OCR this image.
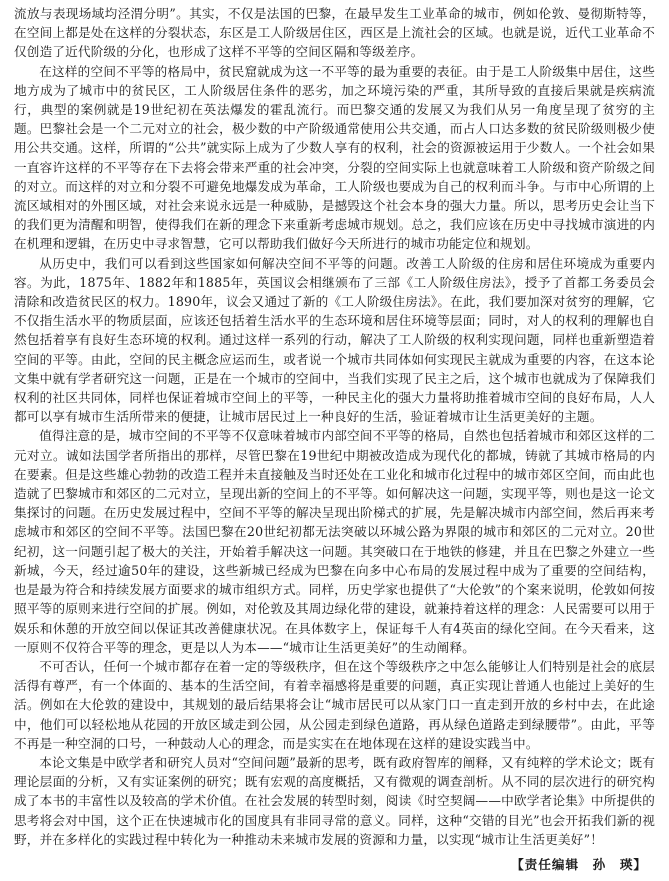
流放与表现场域均泾渭分明”。其实，不仅是法国的巴黎，在最早发生工业革命的城市，例如伦敦、曼彻斯特等，在空间上都是处在这样的分裂状态，东区是工人阶级居住区，西区是上流社会的区域。也就是说，近代工业革命不仅创造了近代阶级的分化，也形成了这样不平等的空间区隔和等级差序。

在这样的空间不平等的格局中，贫民窟就成为这一不平等的最为重要的表征。由于是工人阶级集中居住，这些地方成为了城市中的贫民区，工人阶级居住条件的恶劣，加之环境污染的严重，其所导致的直接后果就是疾病流行，典型的案例就是19世纪初在英法爆发的霍乱流行。而巴黎交通的发展又为我们从另一角度呈现了贫穷的主题。巴黎社会是一个二元对立的社会，极少数的中产阶级通常使用公共交通，而占人口达多数的贫民阶级则极少使用公共交通。这样，所谓的“公共”就实际上成为了少数人享有的权利，社会的资源被运用于少数人。一个社会如果一直容许这样的不平等存在下去将会带来严重的社会冲突，分裂的空间实际上也就意味着工人阶级和资产阶级之间的对立。而这样的对立和分裂不可避免地爆发成为革命，工人阶级也要成为自己的权利而斗争。与市中心所谓的上流区域相对的外围区域，对社会来说永远是一种威胁，是撼毁这个社会本身的强大力量。所以，思考历史会让当下的我们更为清醒和明智，使得我们在新的理念下来重新考虑城市规划。总之，我们应该在历史中寻找城市演进的内在机理和逻辑，在历史中寻求智慧，它可以帮助我们做好今天所进行的城市功能定位和规划。

从历史中，我们可以看到这些国家如何解决空间不平等的问题。改善工人阶级的住房和居住环境成为重要内容。为此，1875年、1882年和1885年，英国议会相继颁布了三部《工人阶级住房法》，授予了首都工务委员会清除和改造贫民区的权力。1890年，议会又通过了新的《工人阶级住房法》。在此，我们要加深对贫穷的理解，它不仅指生活水平的物质层面，应该还包括着生活水平的生态环境和居住环境等层面；同时，对人的权利的理解也自然包括着享有良好生态环境的权利。通过这样一系列的行动，解决了工人阶级的权利实现问题，同样也重新塑造着空间的平等。由此，空间的民主概念应运而生，或者说一个城市共同体如何实现民主就成为重要的内容，在这本论文集中就有学者研究这一问题，正是在一个城市的空间中，当我们实现了民主之后，这个城市也就成为了保障我们权利的社区共同体，同样也保证着城市空间上的平等，一种民主化的强大力量将助推着城市空间的良好布局，人人都可以享有城市生活所带来的便捷，让城市居民过上一种良好的生活，验证着城市让生活更美好的主题。

值得注意的是，城市空间的不平等不仅意味着城市内部空间不平等的格局，自然也包括着城市和郊区这样的二元对立。诚如法国学者所指出的那样，尽管巴黎在19世纪中期被改造成为现代化的都城，铸就了其城市格局的内在要素。但是这些雄心勃勃的改造工程并未直接触及当时还处在工业化和城市化过程中的城市郊区空间，而由此也造就了巴黎城市和郊区的二元对立，呈现出新的空间上的不平等。如何解决这一问题，实现平等，则也是这一论文集探讨的问题。在历史发展过程中，空间不平等的解决呈现出阶梯式的扩展，先是解决城市内部空间，然后再来考虑城市和郊区的空间不平等。法国巴黎在20世纪初都无法突破以环城公路为界限的城市和郊区的二元对立。20世纪初，这一问题引起了极大的关注，开始着手解决这一问题。其突破口在于地铁的修建，并且在巴黎之外建立一些新城，今天，经过逾50年的建设，这些新城已经成为巴黎在向多中心布局的发展过程中成为了重要的空间结构，也是最为符合和持续发展方面要求的城市组织方式。同样，历史学家也提供了“大伦敦”的个案来说明，伦敦如何按照平等的原则来进行空间的扩展。例如，对伦敦及其周边绿化带的建设，就兼持着这样的理念：人民需要可以用于娱乐和休憩的开放空间以保证其改善健康状况。在具体数字上，保证每千人有4英亩的绿化空间。在今天看来，这一原则不仅符合平等的理念，更是以人为本——“城市让生活更美好”的生动阐释。

不可否认，任何一个城市都存在着一定的等级秩序，但在这个等级秩序之中怎么能够让人们特别是社会的底层活得有尊严，有一个体面的、基本的生活空间，有着幸福感将是重要的问题，真正实现让普通人也能过上美好的生活。例如在大伦敦的建设中，其规划的最后结果将会让“城市居民可以从家门口一直走到开放的乡村中去，在此途中，他们可以轻松地从花园的开放区域走到公园，从公园走到绿色道路，再从绿色道路走到绿腰带”。由此，平等不再是一种空洞的口号，一种鼓动人心的理念，而是实实在在地体现在这样的建设实践当中。

本论文集是中欧学者和研究人员对“空间问题”最新的思考，既有政府智库的阐释，又有纯粹的学术论文；既有理论层面的分析，又有实证案例的研究；既有宏观的高度概括，又有微观的调查剖析。从不同的层次进行的研究构成了本书的丰富性以及较高的学术价值。在社会发展的转型时刻，阅读《时空契阔——中欧学者论集》中所提供的思考将会对中国，这个正在快速城市化的国度具有非同寻常的意义。同样，这种“交错的目光”也会开拓我们新的视野，并在多样化的实践过程中转化为一种推动未来城市发展的资源和力量，以实现“城市让生活更美好”！

【责任编辑　孙　瑛】
